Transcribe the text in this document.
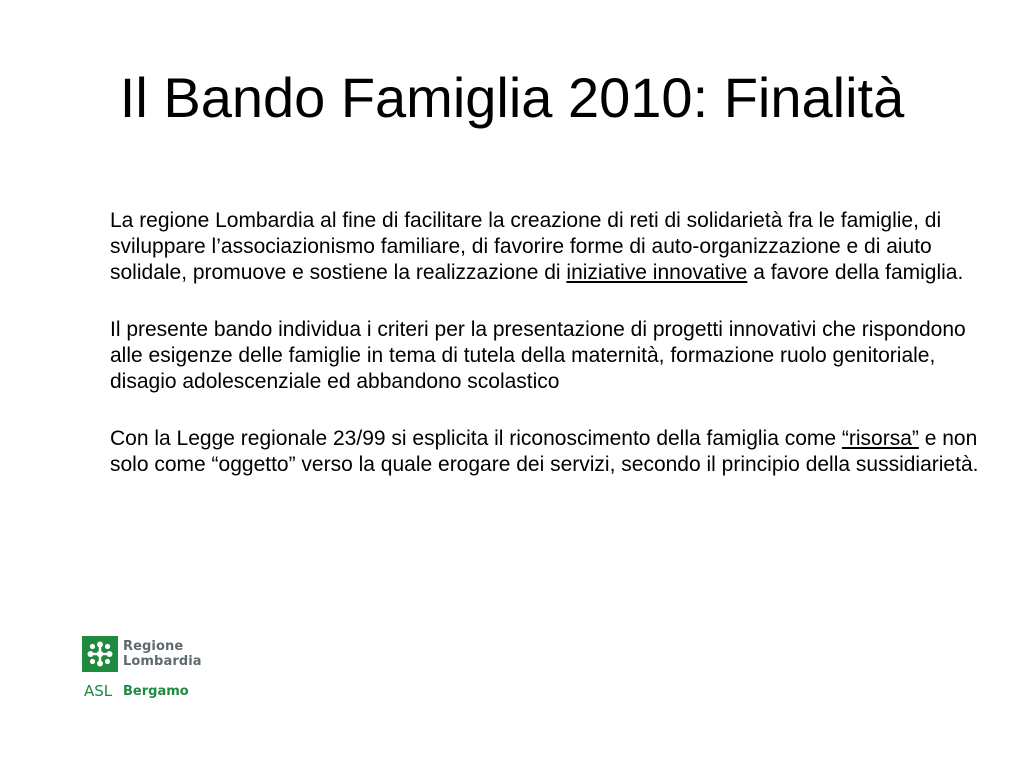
Il Bando Famiglia 2010: Finalità

La regione Lombardia al fine di facilitare la creazione di reti di solidarietà fra le famiglie, di sviluppare l’associazionismo familiare, di favorire forme di auto-organizzazione e di aiuto solidale, promuove e sostiene la realizzazione di iniziative innovative a favore della famiglia.

Il presente bando individua i criteri per la presentazione di progetti innovativi che rispondono alle esigenze delle famiglie in tema di tutela della maternità, formazione ruolo genitoriale, disagio adolescenziale ed abbandono scolastico

Con la Legge regionale 23/99 si esplicita il riconoscimento della famiglia come “risorsa” e non solo come “oggetto” verso la quale erogare dei servizi, secondo il principio della sussidiarietà.

Regione
Lombardia
ASL Bergamo
